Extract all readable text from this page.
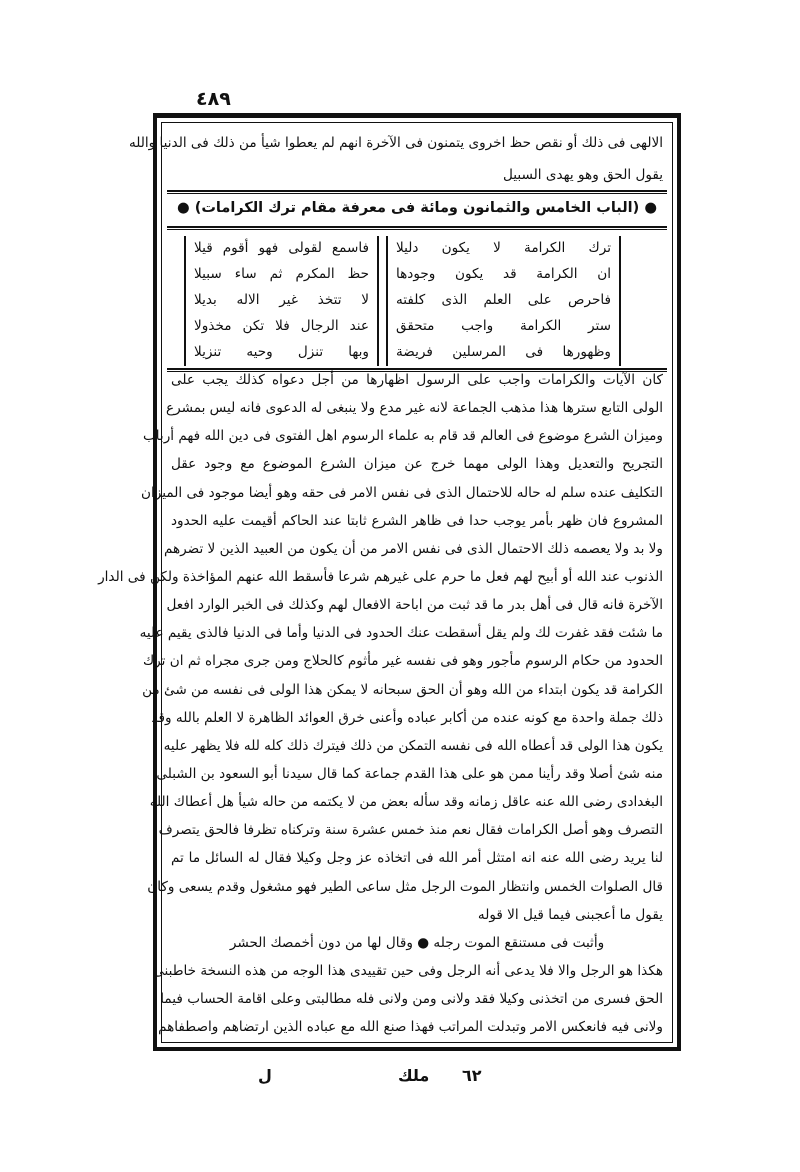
٤٨٩
الالهى فى ذلك أو نقص حظ اخروى يتمنون فى الآخرة انهم لم يعطوا شيأ من ذلك فى الدنيا والله
يقول الحق وهو يهدى السبيل
● (الباب الخامس والثمانون ومائة فى معرفة مقام ترك الكرامات) ●
ترك الكرامة لا يكون دليلا
ان الكرامة قد يكون وجودها
فاحرص على العلم الذى كلفته
ستر الكرامة واجب متحقق
وظهورها فى المرسلين فريضة
فاسمع لقولى فهو أقوم قيلا
حظ المكرم ثم ساء سبيلا
لا تتخذ غير الاله بديلا
عند الرجال فلا تكن مخذولا
وبها تنزل وحيه تنزيلا
كان الآيات والكرامات واجب على الرسول اظهارها من أجل دعواه كذلك يجب على
الولى التابع سترها هذا مذهب الجماعة لانه غير مدع ولا ينبغى له الدعوى فانه ليس بمشرع
وميزان الشرع موضوع فى العالم قد قام به علماء الرسوم اهل الفتوى فى دين الله فهم أرباب
التجريح والتعديل وهذا الولى مهما خرج عن ميزان الشرع الموضوع مع وجود عقل
التكليف عنده سلم له حاله للاحتمال الذى فى نفس الامر فى حقه وهو أيضا موجود فى الميزان
المشروع فان ظهر بأمر يوجب حدا فى ظاهر الشرع ثابتا عند الحاكم أقيمت عليه الحدود
ولا بد ولا يعصمه ذلك الاحتمال الذى فى نفس الامر من أن يكون من العبيد الذين لا تضرهم
الذنوب عند الله أو أبيح لهم فعل ما حرم على غيرهم شرعا فأسقط الله عنهم المؤاخذة ولكن فى الدار
الآخرة فانه قال فى أهل بدر ما قد ثبت من اباحة الافعال لهم وكذلك فى الخبر الوارد افعل
ما شئت فقد غفرت لك ولم يقل أسقطت عنك الحدود فى الدنيا وأما فى الدنيا فالذى يقيم عليه
الحدود من حكام الرسوم مأجور وهو فى نفسه غير مأثوم كالحلاج ومن جرى مجراه ثم ان ترك
الكرامة قد يكون ابتداء من الله وهو أن الحق سبحانه لا يمكن هذا الولى فى نفسه من شئ من
ذلك جملة واحدة مع كونه عنده من أكابر عباده وأعنى خرق العوائد الظاهرة لا العلم بالله وقد
يكون هذا الولى قد أعطاه الله فى نفسه التمكن من ذلك فيترك ذلك كله لله فلا يظهر عليه
منه شئ أصلا وقد رأينا ممن هو على هذا القدم جماعة كما قال سيدنا أبو السعود بن الشبلى
البغدادى رضى الله عنه عاقل زمانه وقد سأله بعض من لا يكتمه من حاله شيأ هل أعطاك الله
التصرف وهو أصل الكرامات فقال نعم منذ خمس عشرة سنة وتركناه تظرفا فالحق يتصرف
لنا يريد رضى الله عنه انه امتثل أمر الله فى اتخاذه عز وجل وكيلا فقال له السائل ما تم
قال الصلوات الخمس وانتظار الموت الرجل مثل ساعى الطير فهو مشغول وقدم يسعى وكان
يقول ما أعجبنى فيما قيل الا قوله
وأثبت فى مستنقع الموت رجله ● وقال لها من دون أخمصك الحشر
هكذا هو الرجل والا فلا يدعى أنه الرجل وفى حين تقييدى هذا الوجه من هذه النسخة خاطبنى
الحق فسرى من اتخذنى وكيلا فقد ولانى ومن ولانى فله مطالبتى وعلى اقامة الحساب فيما
ولانى فيه فانعكس الامر وتبدلت المراتب فهذا صنع الله مع عباده الذين ارتضاهم واصطفاهم
ل	ملك ٦٢
